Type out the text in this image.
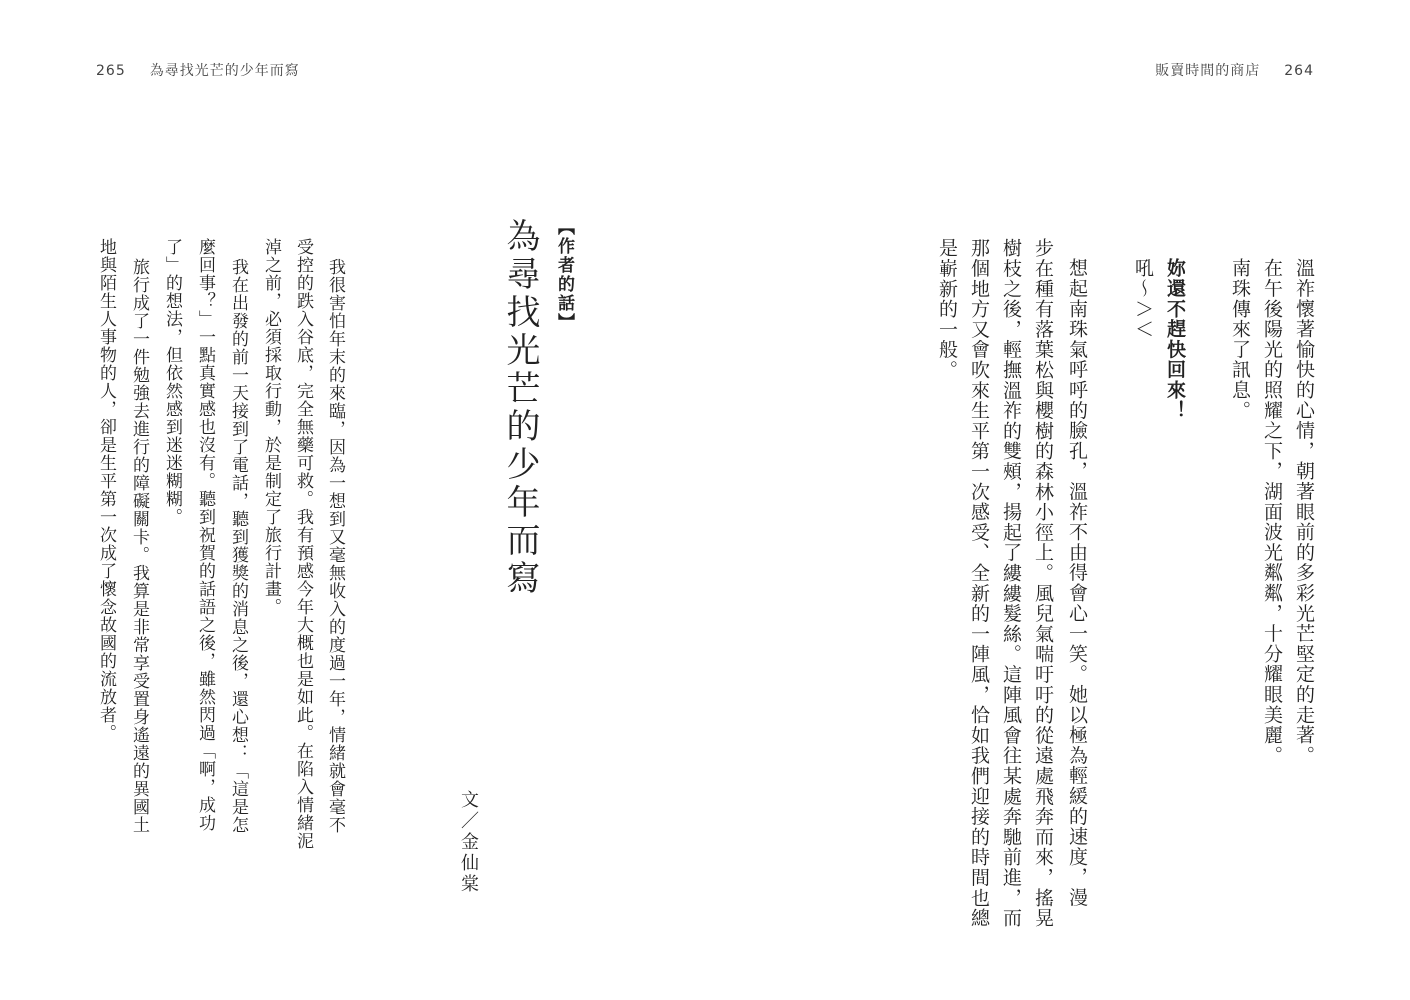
265 為尋找光芒的少年而寫	販賣時間的商店 264
溫祚懷著愉快的心情，朝著眼前的多彩光芒堅定的走著。
在午後陽光的照耀之下，湖面波光粼粼，十分耀眼美麗。
南珠傳來了訊息。
妳還不趕快回來！
吼～＞＜
想起南珠氣呼呼的臉孔，溫祚不由得會心一笑。她以極為輕緩的速度，漫
步在種有落葉松與櫻樹的森林小徑上。風兒氣喘吁吁的從遠處飛奔而來，搖晃
樹枝之後，輕撫溫祚的雙頰，揚起了縷縷髮絲。這陣風會往某處奔馳前進，而
那個地方又會吹來生平第一次感受、全新的一陣風，恰如我們迎接的時間也總
是嶄新的一般。
【作者的話】
為尋找光芒的少年而寫
文／金仙棠
我很害怕年末的來臨，因為一想到又毫無收入的度過一年，情緒就會毫不
受控的跌入谷底，完全無藥可救。我有預感今年大概也是如此。在陷入情緒泥
淖之前，必須採取行動，於是制定了旅行計畫。
我在出發的前一天接到了電話，聽到獲獎的消息之後，還心想：「這是怎
麼回事？」一點真實感也沒有。聽到祝賀的話語之後，雖然閃過「啊，成功
了」的想法，但依然感到迷迷糊糊。
旅行成了一件勉強去進行的障礙關卡。我算是非常享受置身遙遠的異國土
地與陌生人事物的人，卻是生平第一次成了懷念故國的流放者。
